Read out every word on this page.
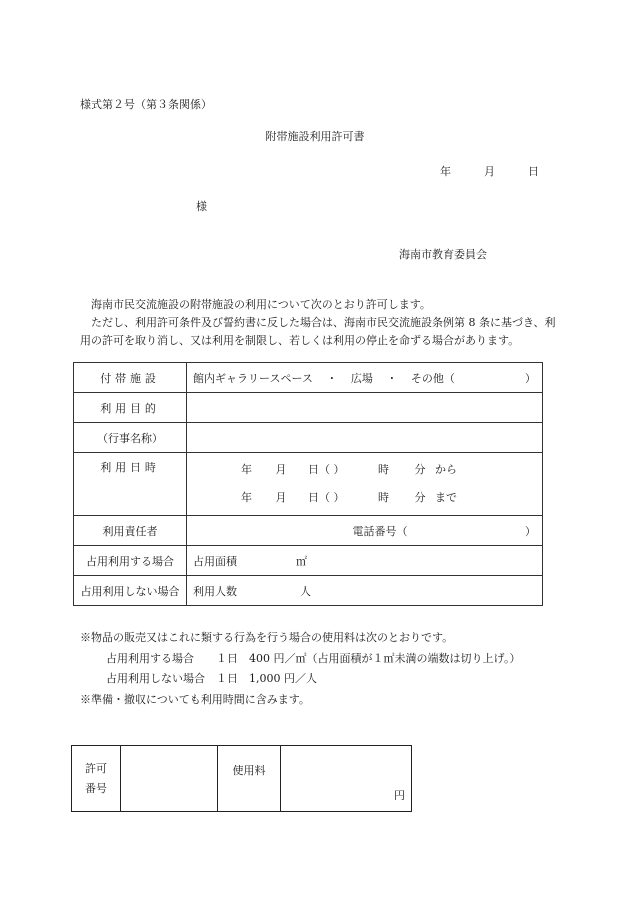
様式第２号（第３条関係）
附帯施設利用許可書
年	月	日
様
海南市教育委員会

海南市民交流施設の附帯施設の利用について次のとおり許可します。

ただし、利用許可条件及び誓約書に反した場合は、海南市民交流施設条例第 8 条に基づき、利用の許可を取り消し、又は利用を制限し、若しくは利用の停止を命ずる場合があります。

付帯施設	館内ギャラリースペース ・ 広場 ・ その他（ ）

利用目的	
（行事名称）	
利用日時	年 月 日（ ） 時 分 から
年 月 日（ ） 時 分 まで

利用責任者	電話番号（ ）

占用利用する場合	占用面積 ㎡
占用利用しない場合	利用人数 人
※物品の販売又はこれに類する行為を行う場合の使用料は次のとおりです。
占用利用する場合　　１日　400 円／㎡（占用面積が１㎡未満の端数は切り上げ。）
占用利用しない場合　１日　1,000 円／人
※準備・撤収についても利用時間に含みます。
許可
番号
		使用料	円
